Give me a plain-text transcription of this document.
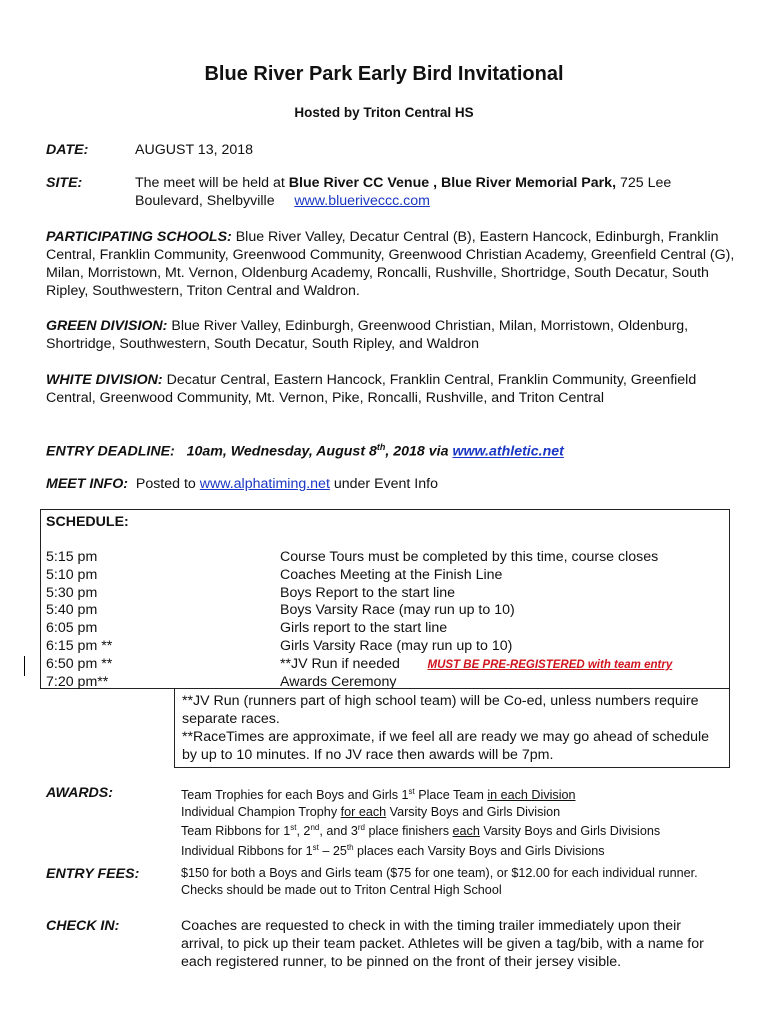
Blue River Park Early Bird Invitational
Hosted by Triton Central HS
DATE:	AUGUST 13, 2018
SITE:	The meet will be held at Blue River CC Venue , Blue River Memorial Park, 725 Lee
Boulevard, Shelbyville www.blueriveccc.com
PARTICIPATING SCHOOLS: Blue River Valley, Decatur Central (B), Eastern Hancock, Edinburgh, Franklin Central, Franklin Community, Greenwood Community, Greenwood Christian Academy, Greenfield Central (G), Milan, Morristown, Mt. Vernon, Oldenburg Academy, Roncalli, Rushville, Shortridge, South Decatur, South Ripley, Southwestern, Triton Central and Waldron.
GREEN DIVISION: Blue River Valley, Edinburgh, Greenwood Christian, Milan, Morristown, Oldenburg, Shortridge, Southwestern, South Decatur, South Ripley, and Waldron
WHITE DIVISION: Decatur Central, Eastern Hancock, Franklin Central, Franklin Community, Greenfield Central, Greenwood Community, Mt. Vernon, Pike, Roncalli, Rushville, and Triton Central
ENTRY DEADLINE: 10am, Wednesday, August 8th, 2018 via www.athletic.net
MEET INFO: Posted to www.alphatiming.net under Event Info
SCHEDULE:
5:15 pm	Course Tours must be completed by this time, course closes
5:10 pm	Coaches Meeting at the Finish Line
5:30 pm	Boys Report to the start line
5:40 pm	Boys Varsity Race (may run up to 10)
6:05 pm	Girls report to the start line
6:15 pm **	Girls Varsity Race (may run up to 10)
6:50 pm **	**JV Run if needed MUST BE PRE-REGISTERED with team entry
7:20 pm**	Awards Ceremony
**JV Run (runners part of high school team) will be Co-ed, unless numbers require separate races.
**RaceTimes are approximate, if we feel all are ready we may go ahead of schedule by up to 10 minutes. If no JV race then awards will be 7pm.
AWARDS:	Team Trophies for each Boys and Girls 1st Place Team in each Division
Individual Champion Trophy for each Varsity Boys and Girls Division
Team Ribbons for 1st, 2nd, and 3rd place finishers each Varsity Boys and Girls Divisions
Individual Ribbons for 1st – 25th places each Varsity Boys and Girls Divisions
ENTRY FEES:	$150 for both a Boys and Girls team ($75 for one team), or $12.00 for each individual runner. Checks should be made out to Triton Central High School
CHECK IN:	Coaches are requested to check in with the timing trailer immediately upon their arrival, to pick up their team packet. Athletes will be given a tag/bib, with a name for each registered runner, to be pinned on the front of their jersey visible.
